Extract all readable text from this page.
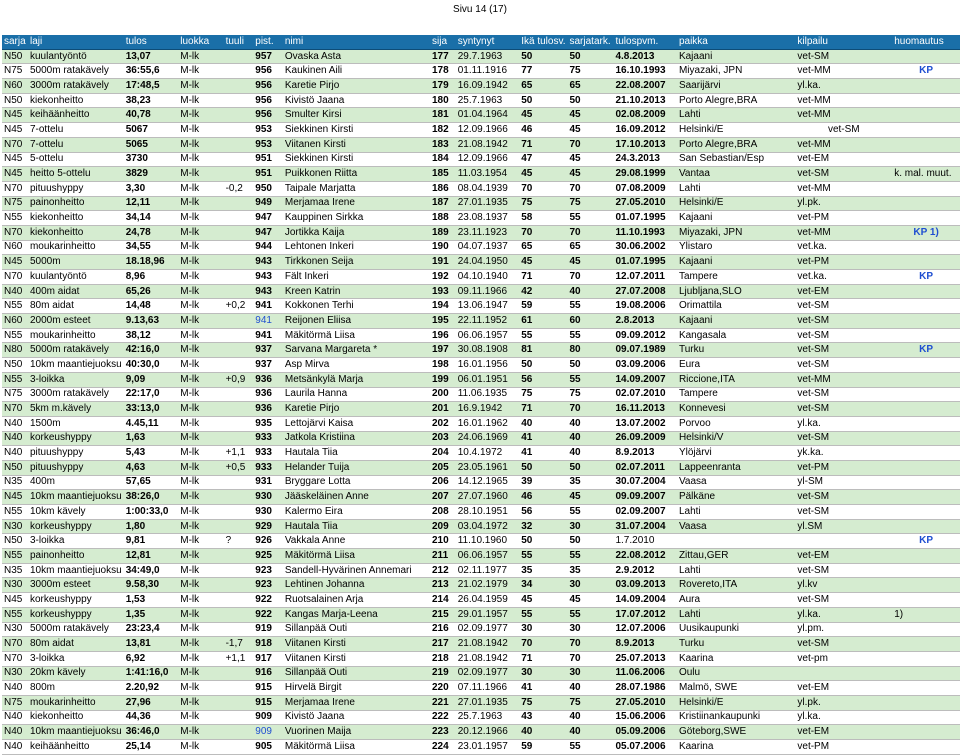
Sivu 14 (17)
sarja	laji	tulos	luokka	tuuli	pist.	nimi	sija	syntynyt	Ikä tulosv.	sarjatark.	tulospvm.	paikka	kilpailu	huomautus
N50	kuulantyöntö	13,07	M-lk		957	Ovaska Asta	177	29.7.1963	50	50	4.8.2013	Kajaani	vet-SM	
N75	5000m ratakävely	36:55,6	M-lk		956	Kaukinen Aili	178	01.11.1916	77	75	16.10.1993	Miyazaki, JPN	vet-MM	KP
N60	3000m ratakävely	17:48,5	M-lk		956	Karetie Pirjo	179	16.09.1942	65	65	22.08.2007	Saarijärvi	yl.ka.	
N50	kiekonheitto	38,23	M-lk		956	Kivistö Jaana	180	25.7.1963	50	50	21.10.2013	Porto Alegre,BRA	vet-MM	
N45	keihäänheitto	40,78	M-lk		956	Smulter Kirsi	181	01.04.1964	45	45	02.08.2009	Lahti	vet-MM	
N45	7-ottelu	5067	M-lk		953	Siekkinen Kirsti	182	12.09.1966	46	45	16.09.2012	Helsinki/E	vet-SM	
N70	7-ottelu	5065	M-lk		953	Viitanen Kirsti	183	21.08.1942	71	70	17.10.2013	Porto Alegre,BRA	vet-MM	
N45	5-ottelu	3730	M-lk		951	Siekkinen Kirsti	184	12.09.1966	47	45	24.3.2013	San Sebastian/Esp	vet-EM	
N45	heitto 5-ottelu	3829	M-lk		951	Puikkonen Riitta	185	11.03.1954	45	45	29.08.1999	Vantaa	vet-SM	k. mal. muut.
N70	pituushyppy	3,30	M-lk	-0,2	950	Taipale Marjatta	186	08.04.1939	70	70	07.08.2009	Lahti	vet-MM	
N75	painonheitto	12,11	M-lk		949	Merjamaa Irene	187	27.01.1935	75	75	27.05.2010	Helsinki/E	yl.pk.	
N55	kiekonheitto	34,14	M-lk		947	Kauppinen Sirkka	188	23.08.1937	58	55	01.07.1995	Kajaani	vet-PM	
N70	kiekonheitto	24,78	M-lk		947	Jortikka Kaija	189	23.11.1923	70	70	11.10.1993	Miyazaki, JPN	vet-MM	KP 1)
N60	moukarinheitto	34,55	M-lk		944	Lehtonen Inkeri	190	04.07.1937	65	65	30.06.2002	Ylistaro	vet.ka.	
N45	5000m	18.18,96	M-lk		943	Tirkkonen Seija	191	24.04.1950	45	45	01.07.1995	Kajaani	vet-PM	
N70	kuulantyöntö	8,96	M-lk		943	Fält Inkeri	192	04.10.1940	71	70	12.07.2011	Tampere	vet.ka.	KP
N40	400m aidat	65,26	M-lk		943	Kreen Katrin	193	09.11.1966	42	40	27.07.2008	Ljubljana,SLO	vet-EM	
N55	80m aidat	14,48	M-lk	+0,2	941	Kokkonen Terhi	194	13.06.1947	59	55	19.08.2006	Orimattila	vet-SM	
N60	2000m esteet	9.13,63	M-lk		941	Reijonen Eliisa	195	22.11.1952	61	60	2.8.2013	Kajaani	vet-SM	
N55	moukarinheitto	38,12	M-lk		941	Mäkitörmä Liisa	196	06.06.1957	55	55	09.09.2012	Kangasala	vet-SM	
N80	5000m ratakävely	42:16,0	M-lk		937	Sarvana Margareta *	197	30.08.1908	81	80	09.07.1989	Turku	vet-SM	KP
N50	10km maantiejuoksu	40:30,0	M-lk		937	Asp Mirva	198	16.01.1956	50	50	03.09.2006	Eura	vet-SM	
N55	3-loikka	9,09	M-lk	+0,9	936	Metsänkylä Marja	199	06.01.1951	56	55	14.09.2007	Riccione,ITA	vet-MM	
N75	3000m ratakävely	22:17,0	M-lk		936	Laurila Hanna	200	11.06.1935	75	75	02.07.2010	Tampere	vet-SM	
N70	5km m.kävely	33:13,0	M-lk		936	Karetie Pirjo	201	16.9.1942	71	70	16.11.2013	Konnevesi	vet-SM	
N40	1500m	4.45,11	M-lk		935	Lettojärvi Kaisa	202	16.01.1962	40	40	13.07.2002	Porvoo	yl.ka.	
N40	korkeushyppy	1,63	M-lk		933	Jatkola Kristiina	203	24.06.1969	41	40	26.09.2009	Helsinki/V	vet-SM	
N40	pituushyppy	5,43	M-lk	+1,1	933	Hautala Tiia	204	10.4.1972	41	40	8.9.2013	Ylöjärvi	yk.ka.	
N50	pituushyppy	4,63	M-lk	+0,5	933	Helander Tuija	205	23.05.1961	50	50	02.07.2011	Lappeenranta	vet-PM	
N35	400m	57,65	M-lk		931	Bryggare Lotta	206	14.12.1965	39	35	30.07.2004	Vaasa	yl-SM	
N45	10km maantiejuoksu	38:26,0	M-lk		930	Jääskeläinen Anne	207	27.07.1960	46	45	09.09.2007	Pälkäne	vet-SM	
N55	10km kävely	1:00:33,0	M-lk		930	Kalermo Eira	208	28.10.1951	56	55	02.09.2007	Lahti	vet-SM	
N30	korkeushyppy	1,80	M-lk		929	Hautala Tiia	209	03.04.1972	32	30	31.07.2004	Vaasa	yl.SM	
N50	3-loikka	9,81	M-lk	?	926	Vakkala Anne	210	11.10.1960	50	50	1.7.2010			KP
N55	painonheitto	12,81	M-lk		925	Mäkitörmä Liisa	211	06.06.1957	55	55	22.08.2012	Zittau,GER	vet-EM	
N35	10km maantiejuoksu	34:49,0	M-lk		923	Sandell-Hyvärinen Annemari	212	02.11.1977	35	35	2.9.2012	Lahti	vet-SM	
N30	3000m esteet	9.58,30	M-lk		923	Lehtinen Johanna	213	21.02.1979	34	30	03.09.2013	Rovereto,ITA	yl.kv	
N45	korkeushyppy	1,53	M-lk		922	Ruotsalainen Arja	214	26.04.1959	45	45	14.09.2004	Aura	vet-SM	
N55	korkeushyppy	1,35	M-lk		922	Kangas Marja-Leena	215	29.01.1957	55	55	17.07.2012	Lahti	yl.ka.	1)
N30	5000m ratakävely	23:23,4	M-lk		919	Sillanpää Outi	216	02.09.1977	30	30	12.07.2006	Uusikaupunki	yl.pm.	
N70	80m aidat	13,81	M-lk	-1,7	918	Viitanen Kirsti	217	21.08.1942	70	70	8.9.2013	Turku	vet-SM	
N70	3-loikka	6,92	M-lk	+1,1	917	Viitanen Kirsti	218	21.08.1942	71	70	25.07.2013	Kaarina	vet-pm	
N30	20km kävely	1:41:16,0	M-lk		916	Sillanpää Outi	219	02.09.1977	30	30	11.06.2006	Oulu		
N40	800m	2.20,92	M-lk		915	Hirvelä Birgit	220	07.11.1966	41	40	28.07.1986	Malmö, SWE	vet-EM	
N75	moukarinheitto	27,96	M-lk		915	Merjamaa Irene	221	27.01.1935	75	75	27.05.2010	Helsinki/E	yl.pk.	
N40	kiekonheitto	44,36	M-lk		909	Kivistö Jaana	222	25.7.1963	43	40	15.06.2006	Kristiinankaupunki	yl.ka.	
N40	10km maantiejuoksu	36:46,0	M-lk		909	Vuorinen Maija	223	20.12.1966	40	40	05.09.2006	Göteborg,SWE	vet-EM	
N40	keihäänheitto	25,14	M-lk		905	Mäkitörmä Liisa	224	23.01.1957	59	55	05.07.2006	Kaarina	vet-PM	
